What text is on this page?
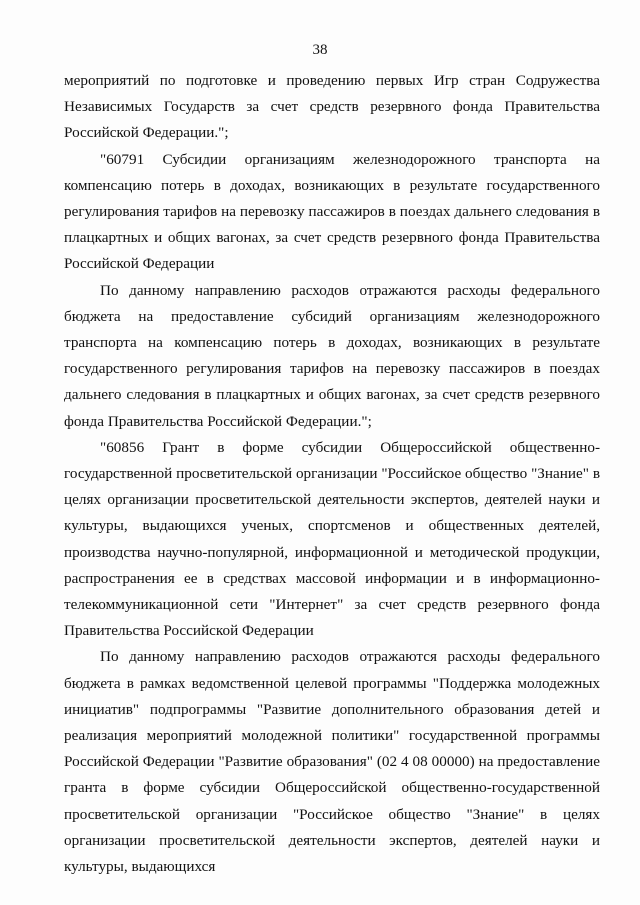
38

мероприятий по подготовке и проведению первых Игр стран Содружества Независимых Государств за счет средств резервного фонда Правительства Российской Федерации.";

"60791 Субсидии организациям железнодорожного транспорта на компенсацию потерь в доходах, возникающих в результате государственного регулирования тарифов на перевозку пассажиров в поездах дальнего следования в плацкартных и общих вагонах, за счет средств резервного фонда Правительства Российской Федерации

По данному направлению расходов отражаются расходы федерального бюджета на предоставление субсидий организациям железнодорожного транспорта на компенсацию потерь в доходах, возникающих в результате государственного регулирования тарифов на перевозку пассажиров в поездах дальнего следования в плацкартных и общих вагонах, за счет средств резервного фонда Правительства Российской Федерации.";

"60856 Грант в форме субсидии Общероссийской общественно-государственной просветительской организации "Российское общество "Знание" в целях организации просветительской деятельности экспертов, деятелей науки и культуры, выдающихся ученых, спортсменов и общественных деятелей, производства научно-популярной, информационной и методической продукции, распространения ее в средствах массовой информации и в информационно-телекоммуникационной сети "Интернет" за счет средств резервного фонда Правительства Российской Федерации

По данному направлению расходов отражаются расходы федерального бюджета в рамках ведомственной целевой программы "Поддержка молодежных инициатив" подпрограммы "Развитие дополнительного образования детей и реализация мероприятий молодежной политики" государственной программы Российской Федерации "Развитие образования" (02 4 08 00000) на предоставление гранта в форме субсидии Общероссийской общественно-государственной просветительской организации "Российское общество "Знание" в целях организации просветительской деятельности экспертов, деятелей науки и культуры, выдающихся
